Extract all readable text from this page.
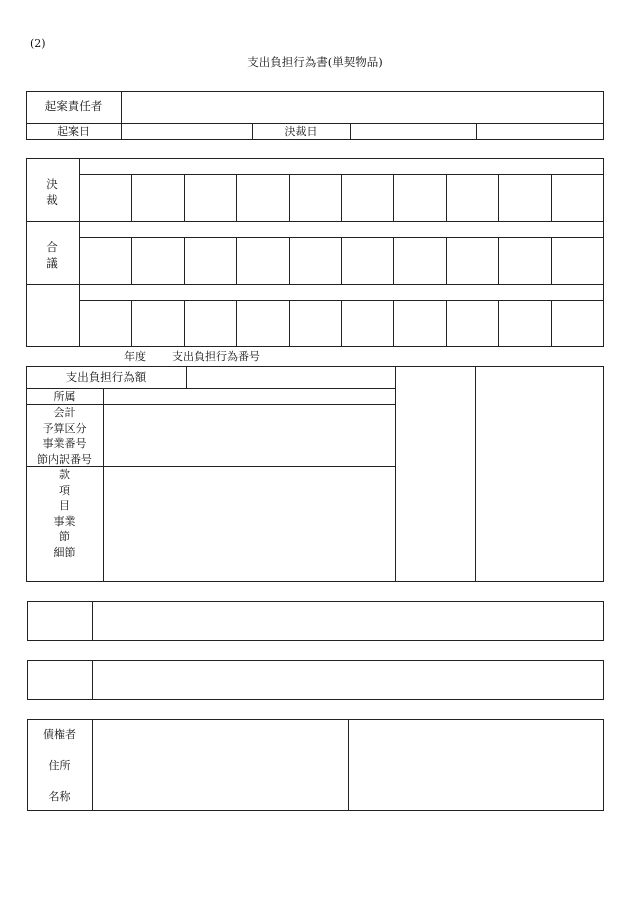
(2)
支出負担行為書(単契物品)
起案責任者
起案日	決裁日
決
裁
合
議
年度 支出負担行為番号
支出負担行為額
所属
会計
予算区分
事業番号
節内訳番号
款
項
目
事業
節
細節
債権者
住所
名称
